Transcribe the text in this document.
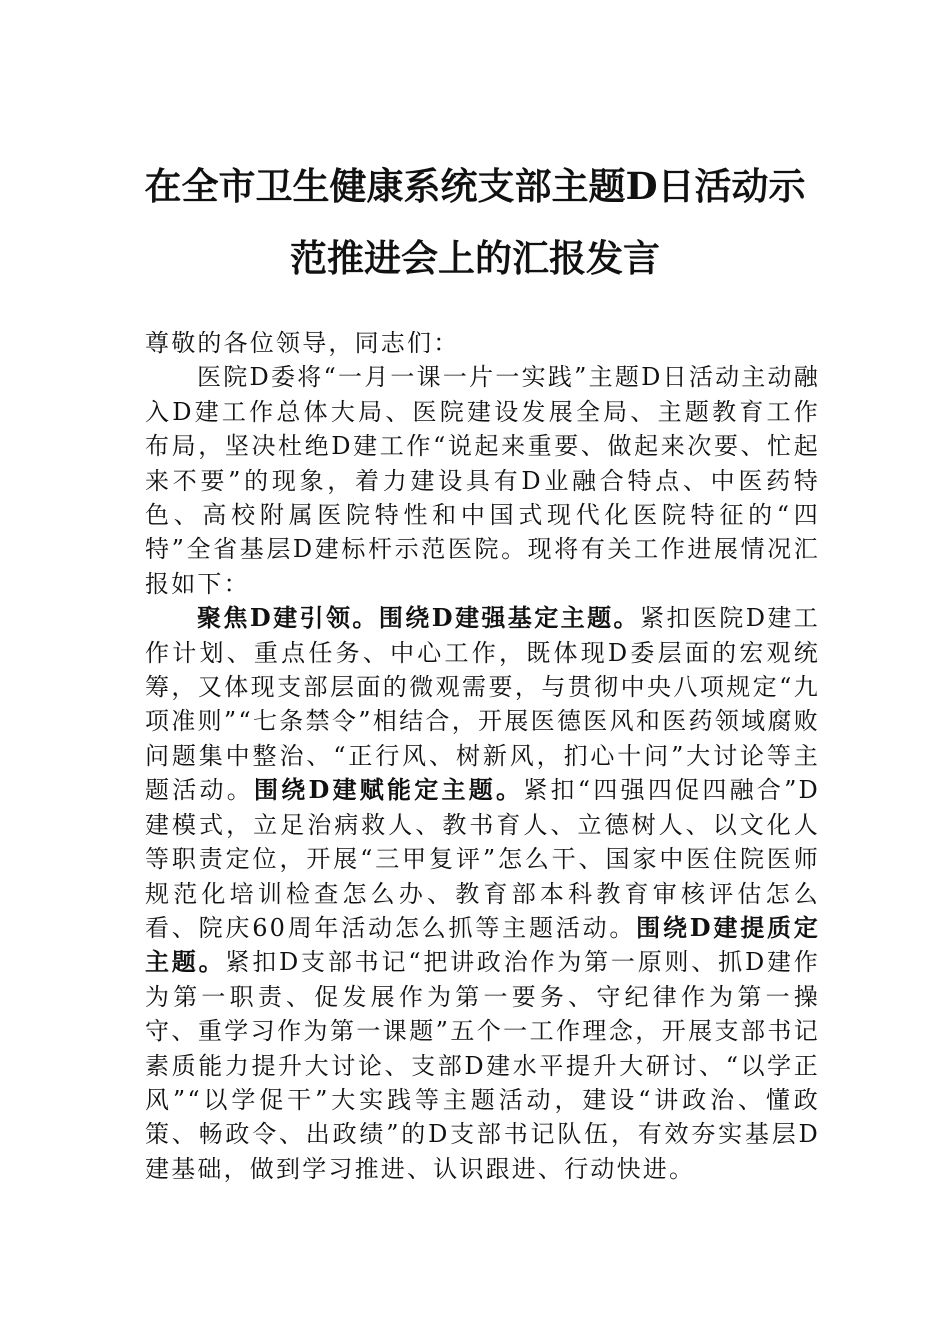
在全市卫生健康系统支部主题D日活动示
范推进会上的汇报发言

尊敬的各位领导，同志们：

医院D委将“一月一课一片一实践”主题D日活动主动融入D建工作总体大局、医院建设发展全局、主题教育工作布局，坚决杜绝D建工作“说起来重要、做起来次要、忙起来不要”的现象，着力建设具有D业融合特点、中医药特色、高校附属医院特性和中国式现代化医院特征的“四特”全省基层D建标杆示范医院。现将有关工作进展情况汇报如下：

聚焦D建引领。围绕D建强基定主题。紧扣医院D建工作计划、重点任务、中心工作，既体现D委层面的宏观统筹，又体现支部层面的微观需要，与贯彻中央八项规定“九项准则”“七条禁令”相结合，开展医德医风和医药领域腐败问题集中整治、“正行风、树新风，扪心十问”大讨论等主题活动。围绕D建赋能定主题。紧扣“四强四促四融合”D建模式，立足治病救人、教书育人、立德树人、以文化人等职责定位，开展“三甲复评”怎么干、国家中医住院医师规范化培训检查怎么办、教育部本科教育审核评估怎么看、院庆60周年活动怎么抓等主题活动。围绕D建提质定主题。紧扣D支部书记“把讲政治作为第一原则、抓D建作为第一职责、促发展作为第一要务、守纪律作为第一操守、重学习作为第一课题”五个一工作理念，开展支部书记素质能力提升大讨论、支部D建水平提升大研讨、“以学正风”“以学促干”大实践等主题活动，建设“讲政治、懂政策、畅政令、出政绩”的D支部书记队伍，有效夯实基层D建基础，做到学习推进、认识跟进、行动快进。
